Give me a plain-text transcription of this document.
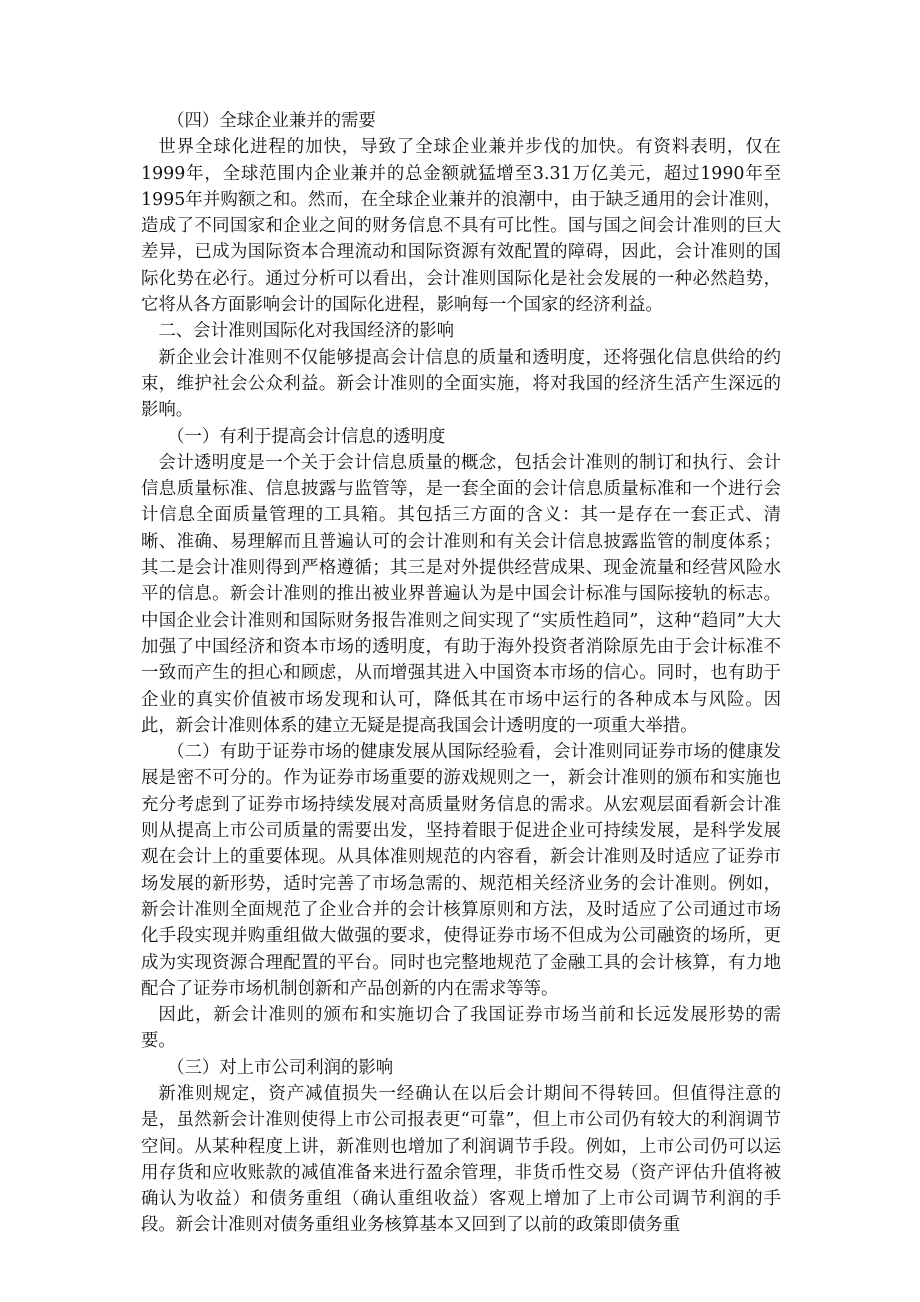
（四）全球企业兼并的需要

世界全球化进程的加快，导致了全球企业兼并步伐的加快。有资料表明，仅在1999年，全球范围内企业兼并的总金额就猛增至3.31万亿美元，超过1990年至1995年并购额之和。然而，在全球企业兼并的浪潮中，由于缺乏通用的会计准则，造成了不同国家和企业之间的财务信息不具有可比性。国与国之间会计准则的巨大差异，已成为国际资本合理流动和国际资源有效配置的障碍，因此，会计准则的国际化势在必行。通过分析可以看出，会计准则国际化是社会发展的一种必然趋势，它将从各方面影响会计的国际化进程，影响每一个国家的经济利益。

二、会计准则国际化对我国经济的影响

新企业会计准则不仅能够提高会计信息的质量和透明度，还将强化信息供给的约束，维护社会公众利益。新会计准则的全面实施，将对我国的经济生活产生深远的影响。

（一）有利于提高会计信息的透明度

会计透明度是一个关于会计信息质量的概念，包括会计准则的制订和执行、会计信息质量标准、信息披露与监管等，是一套全面的会计信息质量标准和一个进行会计信息全面质量管理的工具箱。其包括三方面的含义：其一是存在一套正式、清晰、准确、易理解而且普遍认可的会计准则和有关会计信息披露监管的制度体系；其二是会计准则得到严格遵循；其三是对外提供经营成果、现金流量和经营风险水平的信息。新会计准则的推出被业界普遍认为是中国会计标准与国际接轨的标志。中国企业会计准则和国际财务报告准则之间实现了“实质性趋同”，这种“趋同”大大加强了中国经济和资本市场的透明度，有助于海外投资者消除原先由于会计标准不一致而产生的担心和顾虑，从而增强其进入中国资本市场的信心。同时，也有助于企业的真实价值被市场发现和认可，降低其在市场中运行的各种成本与风险。因此，新会计准则体系的建立无疑是提高我国会计透明度的一项重大举措。

（二）有助于证券市场的健康发展从国际经验看，会计准则同证券市场的健康发展是密不可分的。作为证券市场重要的游戏规则之一，新会计准则的颁布和实施也充分考虑到了证券市场持续发展对高质量财务信息的需求。从宏观层面看新会计准则从提高上市公司质量的需要出发，坚持着眼于促进企业可持续发展，是科学发展观在会计上的重要体现。从具体准则规范的内容看，新会计准则及时适应了证券市场发展的新形势，适时完善了市场急需的、规范相关经济业务的会计准则。例如，新会计准则全面规范了企业合并的会计核算原则和方法，及时适应了公司通过市场化手段实现并购重组做大做强的要求，使得证券市场不但成为公司融资的场所，更成为实现资源合理配置的平台。同时也完整地规范了金融工具的会计核算，有力地配合了证券市场机制创新和产品创新的内在需求等等。

因此，新会计准则的颁布和实施切合了我国证券市场当前和长远发展形势的需要。

（三）对上市公司利润的影响

新准则规定，资产减值损失一经确认在以后会计期间不得转回。但值得注意的是，虽然新会计准则使得上市公司报表更“可靠”，但上市公司仍有较大的利润调节空间。从某种程度上讲，新准则也增加了利润调节手段。例如，上市公司仍可以运用存货和应收账款的减值准备来进行盈余管理，非货币性交易（资产评估升值将被确认为收益）和债务重组（确认重组收益）客观上增加了上市公司调节利润的手段。新会计准则对债务重组业务核算基本又回到了以前的政策即债务重
